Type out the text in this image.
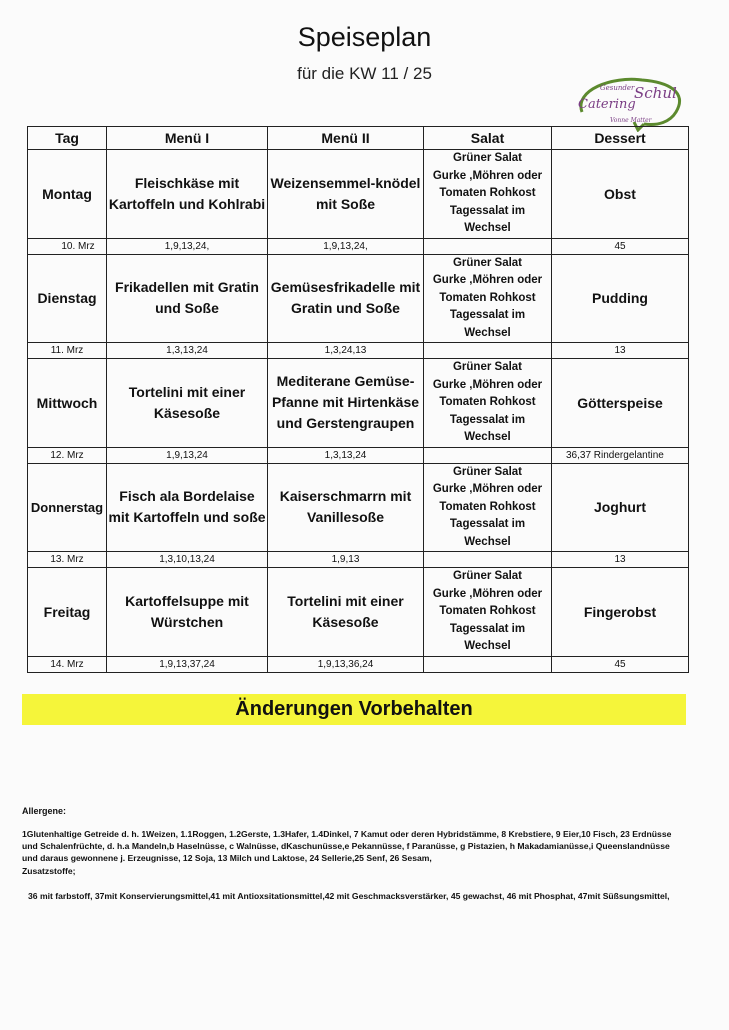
Speiseplan
für die KW 11 / 25
Gesunder Schul
Catering
Vonne Matter
Tag	Menü I	Menü II	Salat	Dessert
Montag	Fleischkäse mit Kartoffeln und Kohlrabi	Weizensemmel-knödel mit Soße	Grüner Salat
Gurke ,Möhren oder
Tomaten Rohkost
Tagessalat im
Wechsel	Obst
10. Mrz	1,9,13,24,	1,9,13,24,		45
Dienstag	Frikadellen mit Gratin und Soße	Gemüsesfrikadelle mit Gratin und Soße	Grüner Salat
Gurke ,Möhren oder
Tomaten Rohkost
Tagessalat im
Wechsel	Pudding
11. Mrz	1,3,13,24	1,3,24,13		13
Mittwoch	Tortelini mit einer Käsesoße	Mediterane Gemüse-Pfanne mit Hirtenkäse und Gerstengraupen	Grüner Salat
Gurke ,Möhren oder
Tomaten Rohkost
Tagessalat im
Wechsel	Götterspeise
12. Mrz	1,9,13,24	1,3,13,24		36,37 Rindergelantine
Donnerstag	Fisch ala Bordelaise mit Kartoffeln und soße	Kaiserschmarrn mit Vanillesoße	Grüner Salat
Gurke ,Möhren oder
Tomaten Rohkost
Tagessalat im
Wechsel	Joghurt
13. Mrz	1,3,10,13,24	1,9,13		13
Freitag	Kartoffelsuppe mit Würstchen	Tortelini mit einer Käsesoße	Grüner Salat
Gurke ,Möhren oder
Tomaten Rohkost
Tagessalat im
Wechsel	Fingerobst
14. Mrz	1,9,13,37,24	1,9,13,36,24		45
Änderungen Vorbehalten
Allergene:
1Glutenhaltige Getreide d. h. 1Weizen, 1.1Roggen, 1.2Gerste, 1.3Hafer, 1.4Dinkel, 7 Kamut oder deren Hybridstämme, 8 Krebstiere, 9 Eier,10 Fisch, 23 Erdnüsse und Schalenfrüchte, d. h.a Mandeln,b Haselnüsse, c Walnüsse, dKaschunüsse,e Pekannüsse, f Paranüsse, g Pistazien, h Makadamianüsse,i Queenslandnüsse und daraus gewonnene j. Erzeugnisse, 12 Soja, 13 Milch und Laktose, 24 Sellerie,25 Senf, 26 Sesam,
Zusatzstoffe;
36 mit farbstoff, 37mit Konservierungsmittel,41 mit Antioxsitationsmittel,42 mit Geschmacksverstärker, 45 gewachst, 46 mit Phosphat, 47mit Süßsungsmittel,
